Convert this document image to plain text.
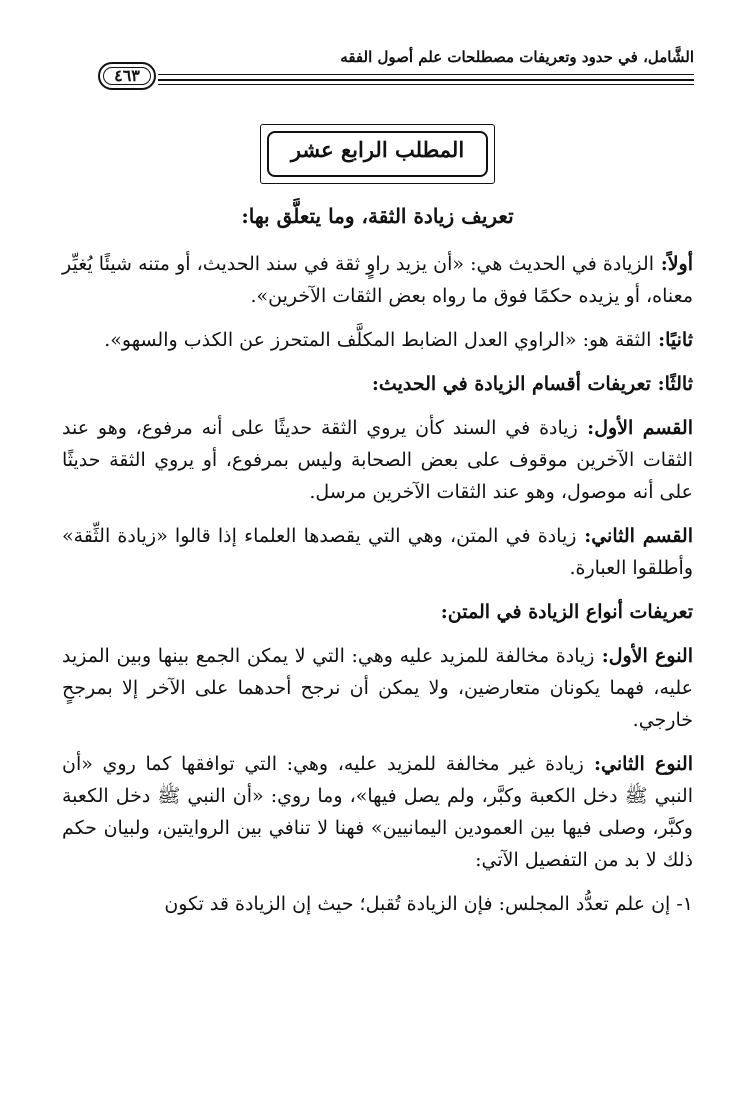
الشَّامل، في حدود وتعريفات مصطلحات علم أصول الفقه
٤٦٣
المطلب الرابع عشر

تعريف زيادة الثقة، وما يتعلَّق بها:

أولاً: الزيادة في الحديث هي: «أن يزيد راوٍ ثقة في سند الحديث، أو متنه شيئًا يُغيِّر معناه، أو يزيده حكمًا فوق ما رواه بعض الثقات الآخرين».

ثانيًا: الثقة هو: «الراوي العدل الضابط المكلَّف المتحرز عن الكذب والسهو».

ثالثًا: تعريفات أقسام الزيادة في الحديث:

القسم الأول: زيادة في السند كأن يروي الثقة حديثًا على أنه مرفوع، وهو عند الثقات الآخرين موقوف على بعض الصحابة وليس بمرفوع، أو يروي الثقة حديثًا على أنه موصول، وهو عند الثقات الآخرين مرسل.

القسم الثاني: زيادة في المتن، وهي التي يقصدها العلماء إذا قالوا «زيادة الثِّقة» وأطلقوا العبارة.

تعريفات أنواع الزيادة في المتن:

النوع الأول: زيادة مخالفة للمزيد عليه وهي: التي لا يمكن الجمع بينها وبين المزيد عليه، فهما يكونان متعارضين، ولا يمكن أن نرجح أحدهما على الآخر إلا بمرجحٍ خارجي.

النوع الثاني: زيادة غير مخالفة للمزيد عليه، وهي: التي توافقها كما روي «أن النبي ﷺ دخل الكعبة وكبَّر، ولم يصل فيها»، وما روي: «أن النبي ﷺ دخل الكعبة وكبَّر، وصلى فيها بين العمودين اليمانيين» فهنا لا تنافي بين الروايتين، ولبيان حكم ذلك لا بد من التفصيل الآتي:

١- إن علم تعدُّد المجلس: فإن الزيادة تُقبل؛ حيث إن الزيادة قد تكون
